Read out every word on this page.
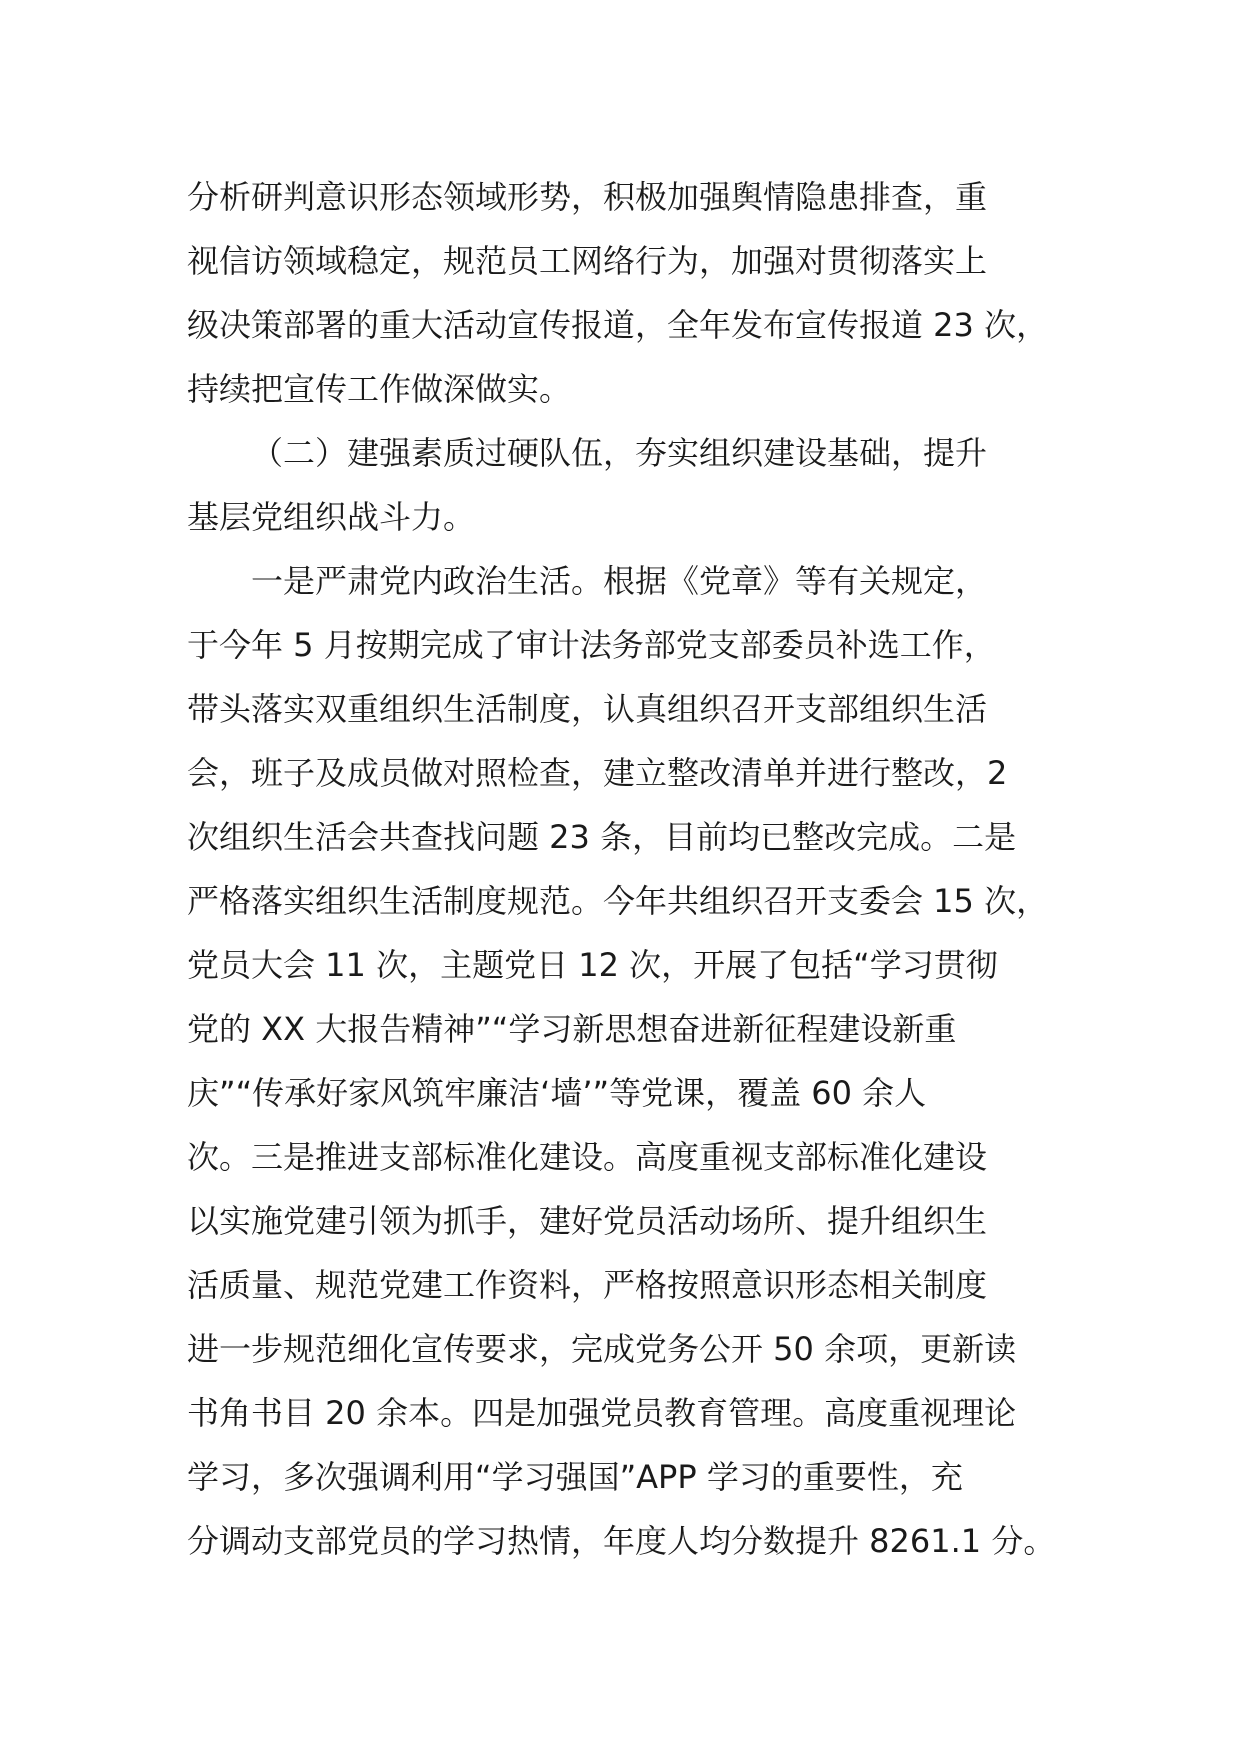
分析研判意识形态领域形势，积极加强舆情隐患排查，重
视信访领域稳定，规范员工网络行为，加强对贯彻落实上
级决策部署的重大活动宣传报道，全年发布宣传报道 23 次，
持续把宣传工作做深做实。
（二）建强素质过硬队伍，夯实组织建设基础，提升
基层党组织战斗力。
一是严肃党内政治生活。根据《党章》等有关规定，
于今年 5 月按期完成了审计法务部党支部委员补选工作，
带头落实双重组织生活制度，认真组织召开支部组织生活
会，班子及成员做对照检查，建立整改清单并进行整改，2
次组织生活会共查找问题 23 条，目前均已整改完成。二是
严格落实组织生活制度规范。今年共组织召开支委会 15 次，
党员大会 11 次，主题党日 12 次，开展了包括“学习贯彻
党的 XX 大报告精神”“学习新思想奋进新征程建设新重
庆”“传承好家风筑牢廉洁‘墙’”等党课，覆盖 60 余人
次。三是推进支部标准化建设。高度重视支部标准化建设
以实施党建引领为抓手，建好党员活动场所、提升组织生
活质量、规范党建工作资料，严格按照意识形态相关制度
进一步规范细化宣传要求，完成党务公开 50 余项，更新读
书角书目 20 余本。四是加强党员教育管理。高度重视理论
学习，多次强调利用“学习强国”APP 学习的重要性，充
分调动支部党员的学习热情，年度人均分数提升 8261.1 分。
